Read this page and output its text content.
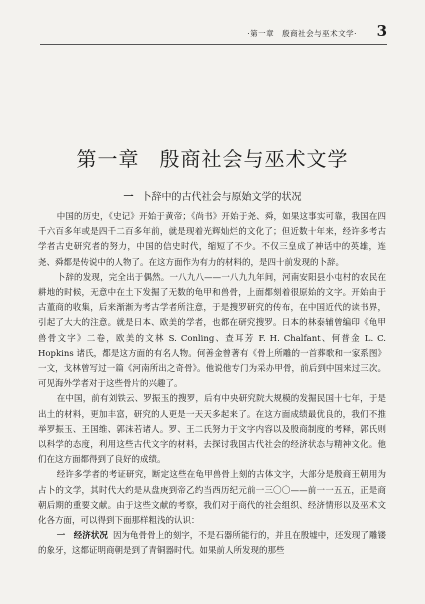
·第一章　殷商社会与巫术文学· 3
第一章 殷商社会与巫术文学
一 卜辞中的古代社会与原始文学的状况

中国的历史，《史记》开始于黄帝；《尚书》开始于尧、舜，如果这事实可靠，我国在四千六百多年或是四千二百多年前，就是现着光辉灿烂的文化了；但近数十年来，经许多考古学者古史研究者的努力，中国的信史时代，缩短了不少。不仅三皇成了神话中的英雄，连尧、舜都是传说中的人物了。在这方面作为有力的材料的，是四十前发现的卜辞。

卜辞的发现，完全出于偶然。一八九八——一八九九年间，河南安阳县小屯村的农民在耕地的时候，无意中在土下发掘了无数的龟甲和兽骨，上面都刻着很原始的文字。开始由于古董商的收集，后来渐渐为考古学者所注意，于是搜罗研究的传布，在中国近代的读书界，引起了大大的注意。就是日本、欧美的学者，也都在研究搜罗。日本的林泰辅曾编印《龟甲兽骨文字》二卷，欧美的文林 S. Conling、查耳芳 F. H. Chalfant、何普金 L. C. Hopkins 诸氏，都是这方面的有名人物。何善金曾著有《骨上所雕的一首葬歌和一家系图》一文，戈林曾写过一篇《河南所出之奇骨》。他说他专门为采办甲骨，前后到中国来过三次。可见海外学者对于这些骨片的兴趣了。

在中国，前有刘铁云、罗振玉的搜罗，后有中央研究院大规模的发掘民国十七年，于是出土的材料，更加丰富，研究的人更是一天天多起来了。在这方面成绩最优良的，我们不推举罗振玉、王国维、郭沫若诸人。罗、王二氏努力于文字内容以及殷商制度的考释，郭氏则以科学的态度，利用这些古代文字的材料，去探讨我国古代社会的经济状态与精神文化。他们在这方面都得到了良好的成绩。

经许多学者的考证研究，断定这些在龟甲兽骨上刻的古体文字，大部分是殷商王朝用为占卜的文学，其时代大约是从盘庚到帝乙约当西历纪元前一三〇〇——前一一五五，正是商朝后期的重要文献。由于这些文献的考察，我们对于商代的社会组织、经济情形以及巫术文化各方面，可以得到下面那样粗浅的认识：

一　经济状况 因为龟骨骨上的刻字，不是石器所能行的，并且在殷墟中，还发现了雕镂的象牙，这都证明商朝是到了青铜器时代。如果前人所发现的那些
